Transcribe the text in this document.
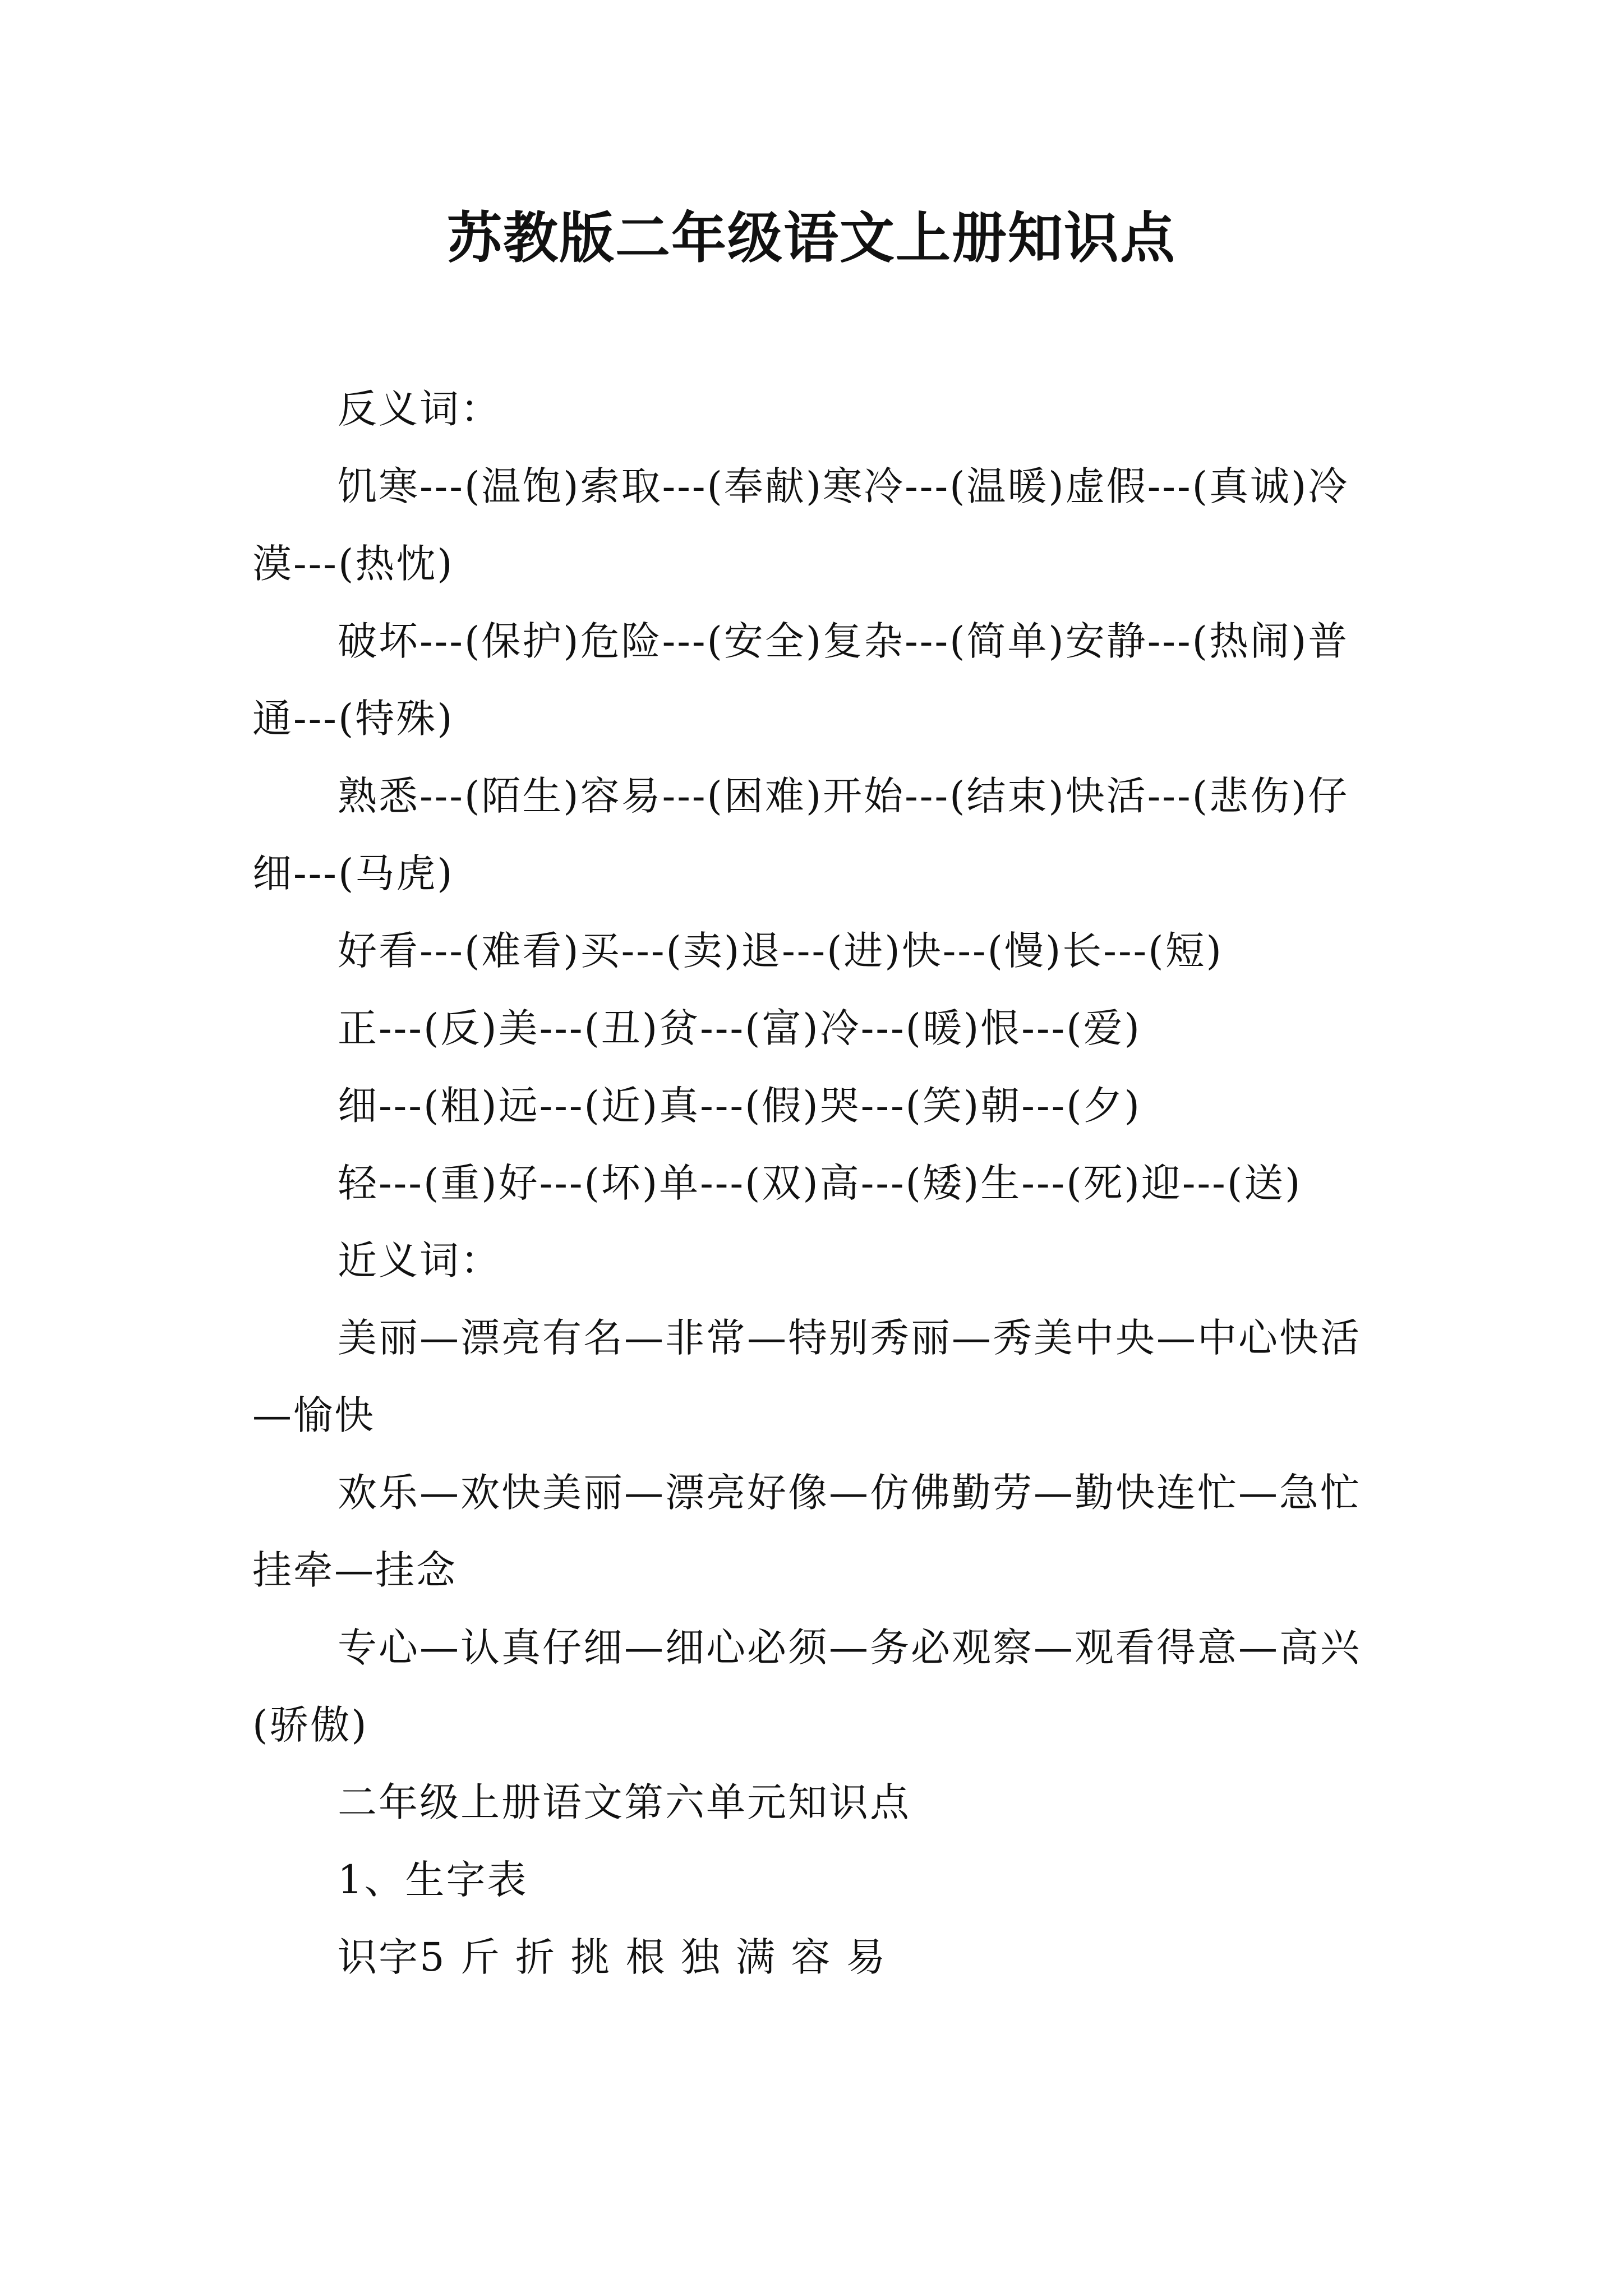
苏教版二年级语文上册知识点

反义词：

饥寒---(温饱)索取---(奉献)寒冷---(温暖)虚假---(真诚)冷漠---(热忱)

破坏---(保护)危险---(安全)复杂---(简单)安静---(热闹)普通---(特殊)

熟悉---(陌生)容易---(困难)开始---(结束)快活---(悲伤)仔细---(马虎)

好看---(难看)买---(卖)退---(进)快---(慢)长---(短)

正---(反)美---(丑)贫---(富)冷---(暖)恨---(爱)

细---(粗)远---(近)真---(假)哭---(笑)朝---(夕)

轻---(重)好---(坏)单---(双)高---(矮)生---(死)迎---(送)

近义词：

美丽—漂亮有名—非常—特别秀丽—秀美中央—中心快活—愉快

欢乐—欢快美丽—漂亮好像—仿佛勤劳—勤快连忙—急忙挂牵—挂念

专心—认真仔细—细心必须—务必观察—观看得意—高兴(骄傲)

二年级上册语文第六单元知识点

1、生字表

识字5 斤 折 挑 根 独 满 容 易
